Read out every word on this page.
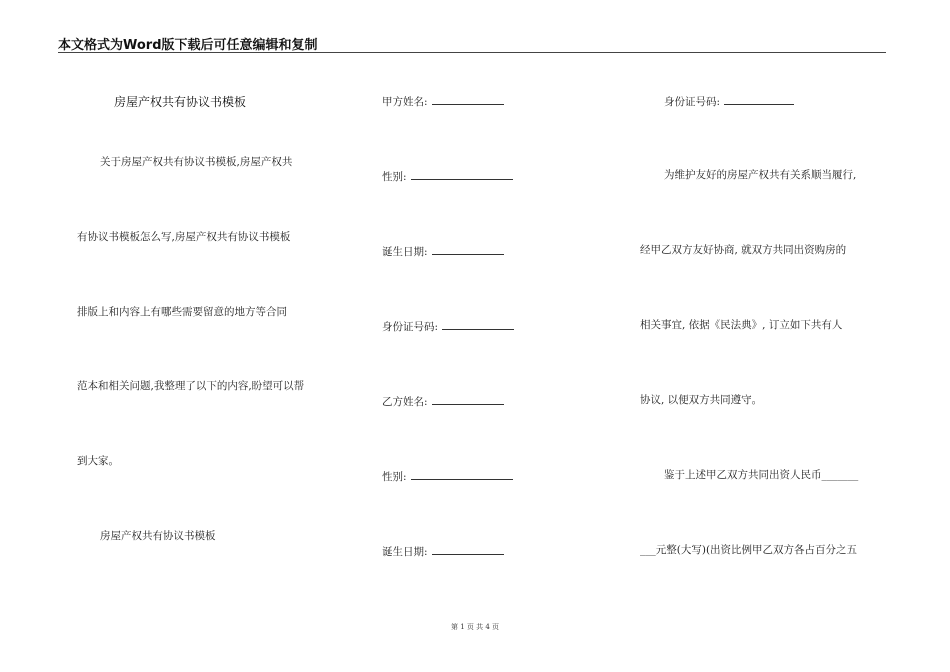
本文格式为Word版下载后可任意编辑和复制
房屋产权共有协议书模板
关于房屋产权共有协议书模板,房屋产权共
有协议书模板怎么写,房屋产权共有协议书模板
排版上和内容上有哪些需要留意的地方等合同
范本和相关问题,我整理了以下的内容,盼望可以帮
到大家。
房屋产权共有协议书模板
甲方姓名:
性别:
诞生日期:
身份证号码:
乙方姓名:
性别:
诞生日期:
身份证号码:
为维护友好的房屋产权共有关系顺当履行,
经甲乙双方友好协商, 就双方共同出资购房的
相关事宜, 依据《民法典》, 订立如下共有人
协议, 以便双方共同遵守。
鉴于上述甲乙双方共同出资人民币_______
___元整(大写)(出资比例甲乙双方各占百分之五
第 1 页 共 4 页
